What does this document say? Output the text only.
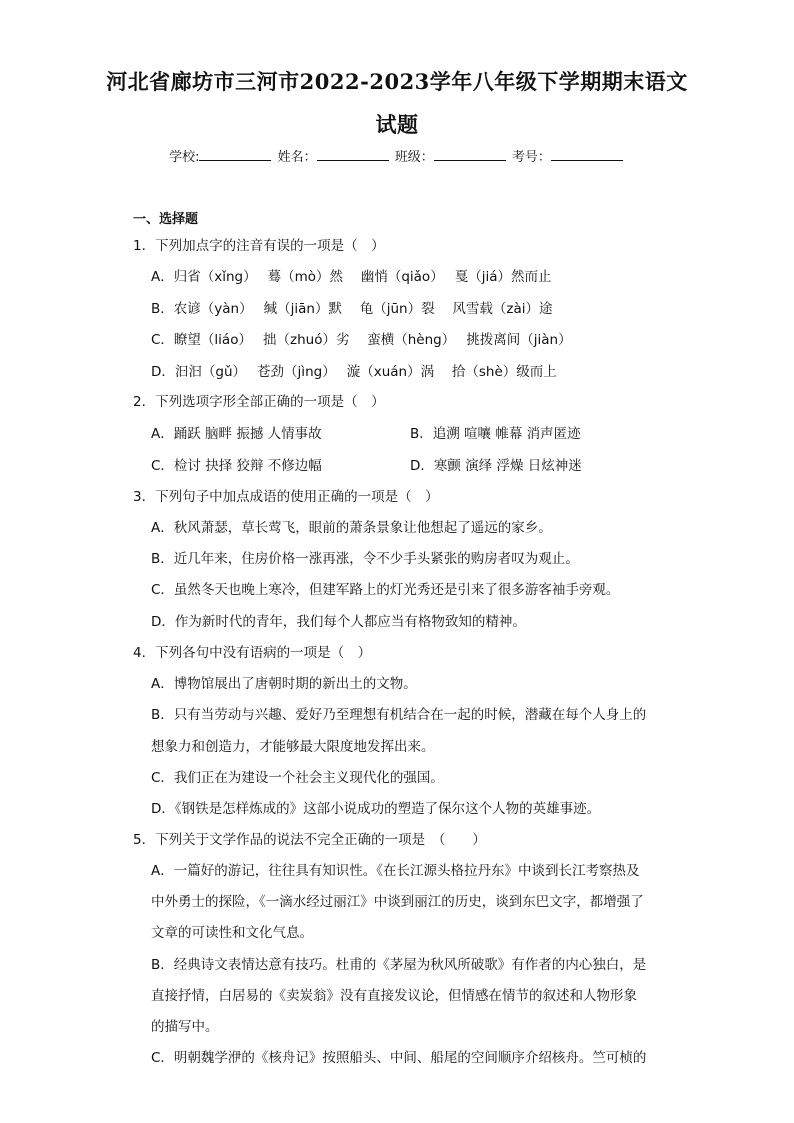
河北省廊坊市三河市2022-2023学年八年级下学期期末语文
试题
学校:	姓名：	班级：	考号：
一、选择题
1．下列加点字的注音有误的一项是（　）
A．归省（xǐng）　 蓦（mò）然　 幽悄（qiǎo）　 戛（jiá）然而止
B．农谚（yàn）　 缄（jiān）默　 龟（jūn）裂　 风雪载（zài）途
C．瞭望（liáo）　 拙（zhuó）劣　 蛮横（hèng）　 挑拨离间（jiàn）
D．汩汩（gǔ）　 苍劲（jìng）　 漩（xuán）涡　 拾（shè）级而上
2．下列选项字形全部正确的一项是（　）
A．踊跃 脑畔 振撼 人情事故	B．追溯 喧嚷 帷幕 消声匿迹
C．检讨 抉择 狡辩 不修边幅	D．寒颤 演绎 浮燥 日炫神迷
3．下列句子中加点成语的使用正确的一项是（　）
A．秋风萧瑟，草长莺飞，眼前的萧条景象让他想起了遥远的家乡。
B．近几年来，住房价格一涨再涨，令不少手头紧张的购房者叹为观止。
C．虽然冬天也晚上寒冷，但建军路上的灯光秀还是引来了很多游客袖手旁观。
D．作为新时代的青年，我们每个人都应当有格物致知的精神。
4．下列各句中没有语病的一项是（　）
A．博物馆展出了唐朝时期的新出土的文物。
B．只有当劳动与兴趣、爱好乃至理想有机结合在一起的时候，潜藏在每个人身上的
想象力和创造力，才能够最大限度地发挥出来。
C．我们正在为建设一个社会主义现代化的强国。
D．《钢铁是怎样炼成的》这部小说成功的塑造了保尔这个人物的英雄事迹。
5．下列关于文学作品的说法不完全正确的一项是　（　　）
A．一篇好的游记，往往具有知识性。《在长江源头格拉丹东》中谈到长江考察热及
中外勇士的探险，《一滴水经过丽江》中谈到丽江的历史，谈到东巴文字，都增强了
文章的可读性和文化气息。
B．经典诗文表情达意有技巧。杜甫的《茅屋为秋风所破歌》有作者的内心独白，是
直接抒情，白居易的《卖炭翁》没有直接发议论，但情感在情节的叙述和人物形象
的描写中。
C．明朝魏学洢的《核舟记》按照船头、中间、船尾的空间顺序介绍核舟。竺可桢的
